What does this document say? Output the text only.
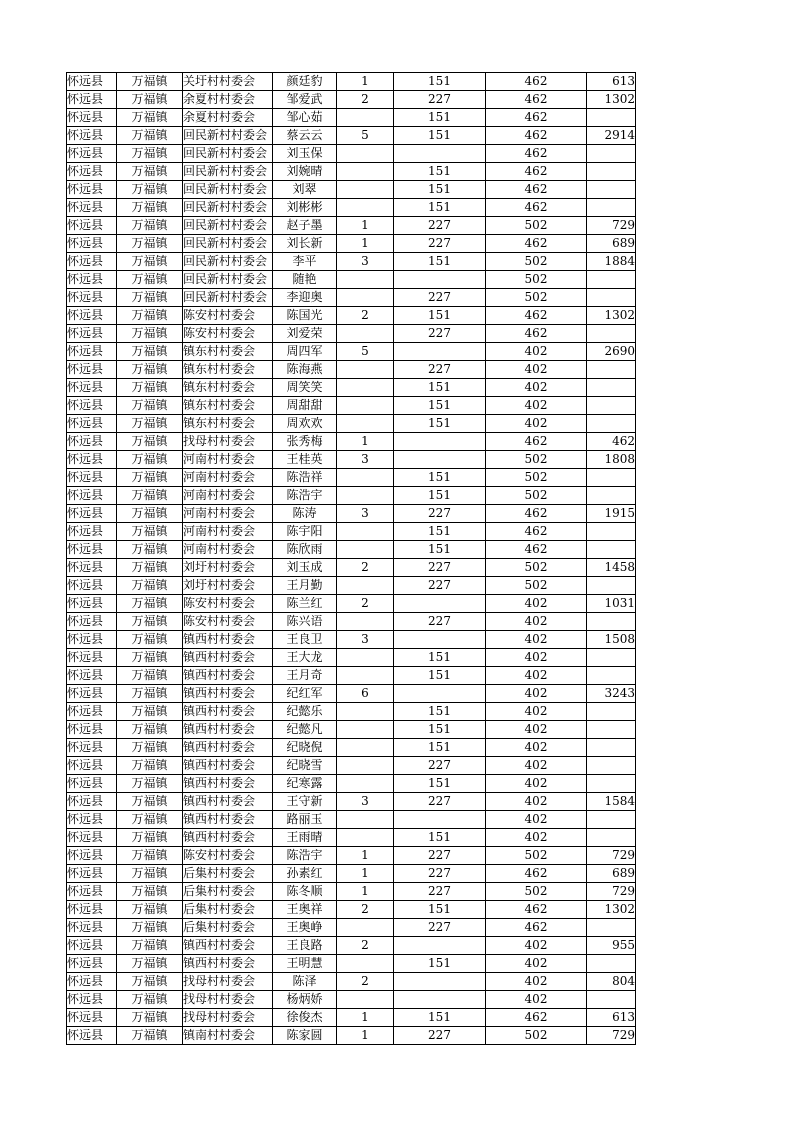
怀远县	万福镇	关圩村村委会	颜廷豹	1	151	462	613
怀远县	万福镇	余夏村村委会	邹爱武	2	227	462	1302
怀远县	万福镇	余夏村村委会	邹心茹		151	462	
怀远县	万福镇	回民新村村委会	蔡云云	5	151	462	2914
怀远县	万福镇	回民新村村委会	刘玉保			462	
怀远县	万福镇	回民新村村委会	刘婉晴		151	462	
怀远县	万福镇	回民新村村委会	刘翠		151	462	
怀远县	万福镇	回民新村村委会	刘彬彬		151	462	
怀远县	万福镇	回民新村村委会	赵子墨	1	227	502	729
怀远县	万福镇	回民新村村委会	刘长新	1	227	462	689
怀远县	万福镇	回民新村村委会	李平	3	151	502	1884
怀远县	万福镇	回民新村村委会	随艳			502	
怀远县	万福镇	回民新村村委会	李迎奥		227	502	
怀远县	万福镇	陈安村村委会	陈国光	2	151	462	1302
怀远县	万福镇	陈安村村委会	刘爱荣		227	462	
怀远县	万福镇	镇东村村委会	周四军	5		402	2690
怀远县	万福镇	镇东村村委会	陈海燕		227	402	
怀远县	万福镇	镇东村村委会	周笑笑		151	402	
怀远县	万福镇	镇东村村委会	周甜甜		151	402	
怀远县	万福镇	镇东村村委会	周欢欢		151	402	
怀远县	万福镇	找母村村委会	张秀梅	1		462	462
怀远县	万福镇	河南村村委会	王桂英	3		502	1808
怀远县	万福镇	河南村村委会	陈浩祥		151	502	
怀远县	万福镇	河南村村委会	陈浩宇		151	502	
怀远县	万福镇	河南村村委会	陈涛	3	227	462	1915
怀远县	万福镇	河南村村委会	陈宇阳		151	462	
怀远县	万福镇	河南村村委会	陈欣雨		151	462	
怀远县	万福镇	刘圩村村委会	刘玉成	2	227	502	1458
怀远县	万福镇	刘圩村村委会	王月勤		227	502	
怀远县	万福镇	陈安村村委会	陈兰红	2		402	1031
怀远县	万福镇	陈安村村委会	陈兴语		227	402	
怀远县	万福镇	镇西村村委会	王良卫	3		402	1508
怀远县	万福镇	镇西村村委会	王大龙		151	402	
怀远县	万福镇	镇西村村委会	王月奇		151	402	
怀远县	万福镇	镇西村村委会	纪红军	6		402	3243
怀远县	万福镇	镇西村村委会	纪懿乐		151	402	
怀远县	万福镇	镇西村村委会	纪懿凡		151	402	
怀远县	万福镇	镇西村村委会	纪晓倪		151	402	
怀远县	万福镇	镇西村村委会	纪晓雪		227	402	
怀远县	万福镇	镇西村村委会	纪寒露		151	402	
怀远县	万福镇	镇西村村委会	王守新	3	227	402	1584
怀远县	万福镇	镇西村村委会	路丽玉			402	
怀远县	万福镇	镇西村村委会	王雨晴		151	402	
怀远县	万福镇	陈安村村委会	陈浩宇	1	227	502	729
怀远县	万福镇	后集村村委会	孙素红	1	227	462	689
怀远县	万福镇	后集村村委会	陈冬顺	1	227	502	729
怀远县	万福镇	后集村村委会	王奥祥	2	151	462	1302
怀远县	万福镇	后集村村委会	王奥峥		227	462	
怀远县	万福镇	镇西村村委会	王良路	2		402	955
怀远县	万福镇	镇西村村委会	王明慧		151	402	
怀远县	万福镇	找母村村委会	陈泽	2		402	804
怀远县	万福镇	找母村村委会	杨炳娇			402	
怀远县	万福镇	找母村村委会	徐俊杰	1	151	462	613
怀远县	万福镇	镇南村村委会	陈家圆	1	227	502	729
